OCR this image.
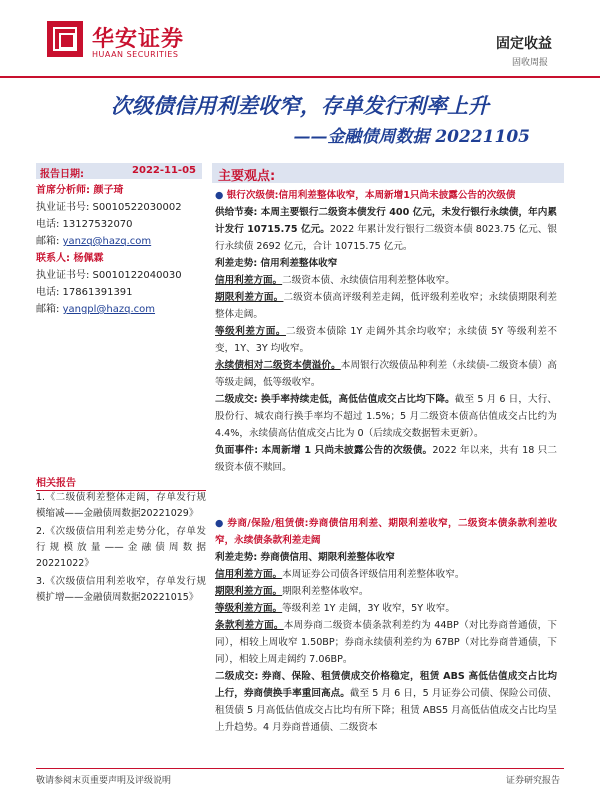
华安证券
HUAAN SECURITIES
固定收益
固收周报
次级债信用利差收窄，存单发行利率上升
——金融债周数据 20221105
报告日期:	2022-11-05
首席分析师: 颜子琦
执业证书号: S0010522030002
电话: 13127532070
邮箱: yanzq@hazq.com
联系人: 杨佩霖
执业证书号: S0010122040030
电话: 17861391391
邮箱: yangpl@hazq.com
相关报告
1.《二级债利差整体走阔，存单发行规模缩减——金融债周数据20221029》
2.《次级债信用利差走势分化，存单发行规模放量——金融债周数据20221022》
3.《次级债信用利差收窄，存单发行规模扩增——金融债周数据20221015》
主要观点:
● 银行次级债:信用利差整体收窄，本周新增1只尚未披露公告的次级债
供给节奏: 本周主要银行二级资本债发行 400 亿元，未发行银行永续债，年内累计发行 10715.75 亿元。2022 年累计发行银行二级资本债 8023.75 亿元、银行永续债 2692 亿元，合计 10715.75 亿元。
利差走势: 信用利差整体收窄
信用利差方面。二级资本债、永续债信用利差整体收窄。
期限利差方面。二级资本债高评级利差走阔，低评级利差收窄；永续债期限利差整体走阔。
等级利差方面。二级资本债除 1Y 走阔外其余均收窄；永续债 5Y 等级利差不变，1Y、3Y 均收窄。
永续债相对二级资本债溢价。本周银行次级债品种利差（永续债-二级资本债）高等级走阔，低等级收窄。
二级成交: 换手率持续走低，高低估值成交占比均下降。截至 5 月 6 日，大行、股份行、城农商行换手率均不超过 1.5%；5 月二级资本债高估值成交占比约为 4.4%，永续债高估值成交占比为 0（后续成交数据暂未更新）。
负面事件: 本周新增 1 只尚未披露公告的次级债。2022 年以来，共有 18 只二级资本债不赎回。
● 券商/保险/租赁债:券商债信用利差、期限利差收窄，二级资本债条款利差收窄，永续债条款利差走阔
利差走势: 券商债信用、期限利差整体收窄
信用利差方面。本周证券公司债各评级信用利差整体收窄。
期限利差方面。期限利差整体收窄。
等级利差方面。等级利差 1Y 走阔，3Y 收窄，5Y 收窄。
条款利差方面。本周券商二级资本债条款利差约为 44BP（对比券商普通债，下同），相较上周收窄 1.50BP；券商永续债利差约为 67BP（对比券商普通债，下同），相较上周走阔约 7.06BP。
二级成交: 券商、保险、租赁债成交价格稳定，租赁 ABS 高低估值成交占比均上行，券商债换手率重回高点。截至 5 月 6 日，5 月证券公司债、保险公司债、租赁债 5 月高低估值成交占比均有所下降；租赁 ABS5 月高低估值成交占比均呈上升趋势。4 月券商普通债、二级资本
敬请参阅末页重要声明及评级说明	证券研究报告
